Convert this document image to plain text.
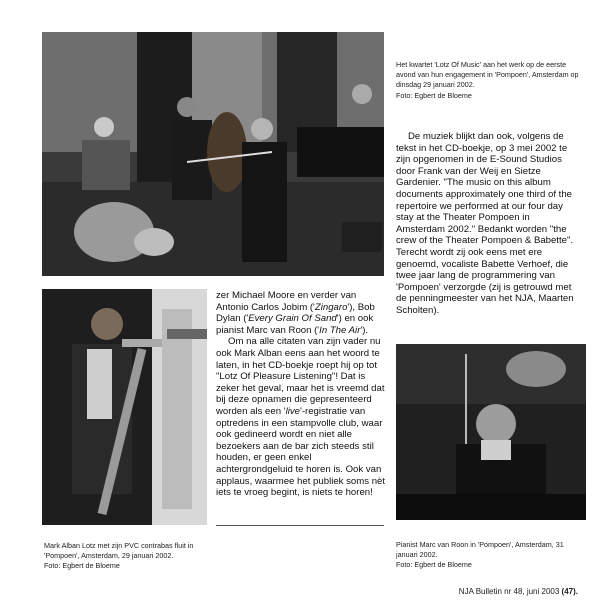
Het kwartet 'Lotz Of Music' aan het werk op de eerste avond van hun engagement in 'Pompoen', Amsterdam op dinsdag 29 januari 2002.

Foto: Egbert de Bloeme

De muziek blijkt dan ook, volgens de tekst in het CD-boekje, op 3 mei 2002 te zijn opgenomen in de E-Sound Studios door Frank van der Weij en Sietze Gardenier. "The music on this album documents approximately one third of the repertoire we performed at our four day stay at the Theater Pompoen in Amsterdam 2002." Bedankt worden "the crew of the Theater Pompoen & Babette". Terecht wordt zij ook eens met ere genoemd, vocaliste Babette Verhoef, die twee jaar lang de programmering van 'Pompoen' verzorgde (zij is getrouwd met de penningmeester van het NJA, Maarten Scholten).

Mark Alban Lotz met zijn PVC contrabas fluit in 'Pompoen', Amsterdam, 29 januari 2002.

Foto: Egbert de Bloeme

zer Michael Moore en verder van Antonio Carlos Jobim ('Zingaro'), Bob Dylan ('Every Grain Of Sand') en ook pianist Marc van Roon ('In The Air').

Om na alle citaten van zijn vader nu ook Mark Alban eens aan het woord te laten, in het CD-boekje roept hij op tot "Lotz Of Pleasure Listening"! Dat is zeker het geval, maar het is vreemd dat bij deze opnamen die gepresenteerd worden als een 'live'-registratie van optredens in een stampvolle club, waar ook gedineerd wordt en niet alle bezoekers aan de bar zich steeds stil houden, er geen enkel achtergrondgeluid te horen is. Ook van applaus, waarmee het publiek soms nèt iets te vroeg begint, is niets te horen!

Pianist Marc van Roon in 'Pompoen', Amsterdam, 31 januari 2002.

Foto: Egbert de Bloeme

NJA Bulletin nr 48, juni 2003 (47).
